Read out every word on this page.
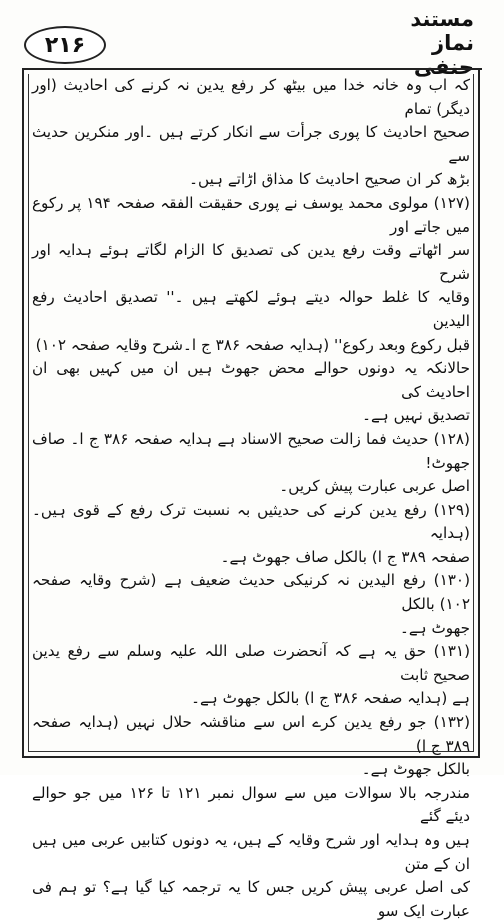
۲۱۶
مستند نماز حنفی

کہ اب وہ خانہ خدا میں بیٹھ کر رفع یدین نہ کرنے کی احادیث (اور دیگر) تمام

صحیح احادیث کا پوری جرأت سے انکار کرتے ہیں ۔اور منکرین حدیث سے

بڑھ کر ان صحیح احادیث کا مذاق اڑاتے ہیں۔

(۱۲۷) مولوی محمد یوسف نے پوری حقیقت الفقہ صفحہ ۱۹۴ پر رکوع میں جاتے اور

سر اٹھاتے وقت رفع یدین کی تصدیق کا الزام لگاتے ہوئے ہدایہ اور شرح

وقایہ کا غلط حوالہ دیتے ہوئے لکھتے ہیں ۔'' تصدیق احادیث رفع الیدین

قبل رکوع وبعد رکوع'' (ہدایہ صفحہ ۳۸۶ ج ا۔شرح وقایہ صفحہ ۱۰۲)

حالانکہ یہ دونوں حوالے محض جھوٹ ہیں ان میں کہیں بھی ان احادیث کی

تصدیق نہیں ہے۔

(۱۲۸) حدیث فما زالت صحیح الاسناد ہے ہدایہ صفحہ ۳۸۶ ج ا۔ صاف جھوٹ!

اصل عربی عبارت پیش کریں۔

(۱۲۹) رفع یدین کرنے کی حدیثیں بہ نسبت ترک رفع کے قوی ہیں۔ (ہدایہ

صفحہ ۳۸۹ ج ا) بالکل صاف جھوٹ ہے۔

(۱۳۰) رفع الیدین نہ کرنیکی حدیث ضعیف ہے (شرح وقایہ صفحہ ۱۰۲) بالکل

جھوٹ ہے۔

(۱۳۱) حق یہ ہے کہ آنحضرت صلی اللہ علیہ وسلم سے رفع یدین صحیح ثابت

ہے (ہدایہ صفحہ ۳۸۶ ج ا) بالکل جھوٹ ہے۔

(۱۳۲) جو رفع یدین کرے اس سے مناقشہ حلال نہیں (ہدایہ صفحہ ۳۸۹ ج ا)

بالکل جھوٹ ہے۔

مندرجہ بالا سوالات میں سے سوال نمبر ۱۲۱ تا ۱۲۶ میں جو حوالے دیئے گئے

ہیں وہ ہدایہ اور شرح وقایہ کے ہیں، یہ دونوں کتابیں عربی میں ہیں ان کے متن

کی اصل عربی پیش کریں جس کا یہ ترجمہ کیا گیا ہے؟ تو ہم فی عبارت ایک سو
